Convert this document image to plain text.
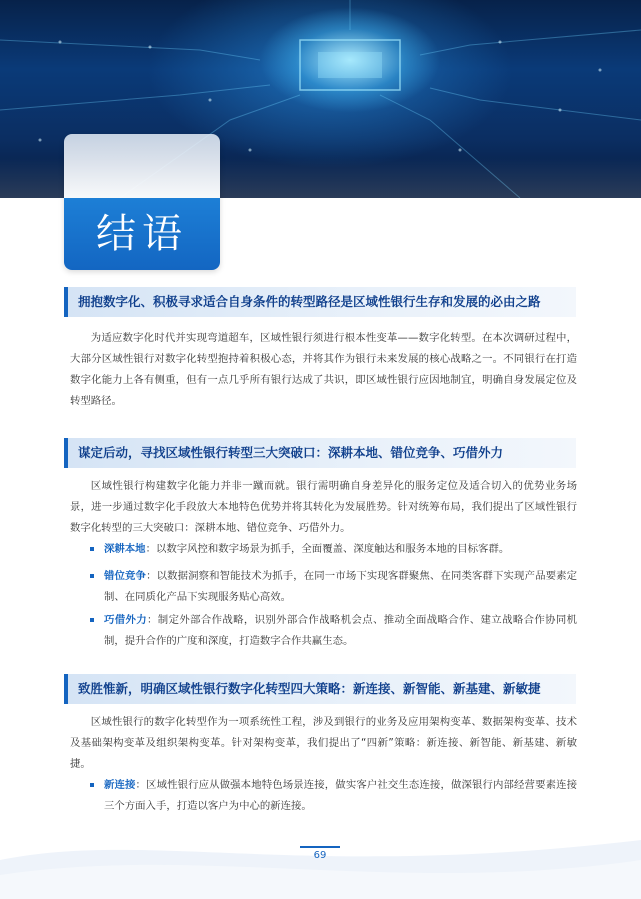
结语
拥抱数字化、积极寻求适合自身条件的转型路径是区域性银行生存和发展的必由之路
为适应数字化时代并实现弯道超车，区域性银行须进行根本性变革——数字化转型。在本次调研过程中，大部分区域性银行对数字化转型抱持着积极心态，并将其作为银行未来发展的核心战略之一。不同银行在打造数字化能力上各有侧重，但有一点几乎所有银行达成了共识，即区域性银行应因地制宜，明确自身发展定位及转型路径。
谋定后动，寻找区域性银行转型三大突破口：深耕本地、错位竞争、巧借外力
区域性银行构建数字化能力并非一蹴而就。银行需明确自身差异化的服务定位及适合切入的优势业务场景，进一步通过数字化手段放大本地特色优势并将其转化为发展胜势。针对统筹布局，我们提出了区域性银行数字化转型的三大突破口：深耕本地、错位竞争、巧借外力。
深耕本地：以数字风控和数字场景为抓手，全面覆盖、深度触达和服务本地的目标客群。
错位竞争：以数据洞察和智能技术为抓手，在同一市场下实现客群聚焦、在同类客群下实现产品要素定制、在同质化产品下实现服务贴心高效。
巧借外力：制定外部合作战略，识别外部合作战略机会点、推动全面战略合作、建立战略合作协同机制，提升合作的广度和深度，打造数字合作共赢生态。
致胜惟新，明确区域性银行数字化转型四大策略：新连接、新智能、新基建、新敏捷
区域性银行的数字化转型作为一项系统性工程，涉及到银行的业务及应用架构变革、数据架构变革、技术及基础架构变革及组织架构变革。针对架构变革，我们提出了“四新”策略：新连接、新智能、新基建、新敏捷。
新连接：区域性银行应从做强本地特色场景连接，做实客户社交生态连接，做深银行内部经营要素连接三个方面入手，打造以客户为中心的新连接。
69
